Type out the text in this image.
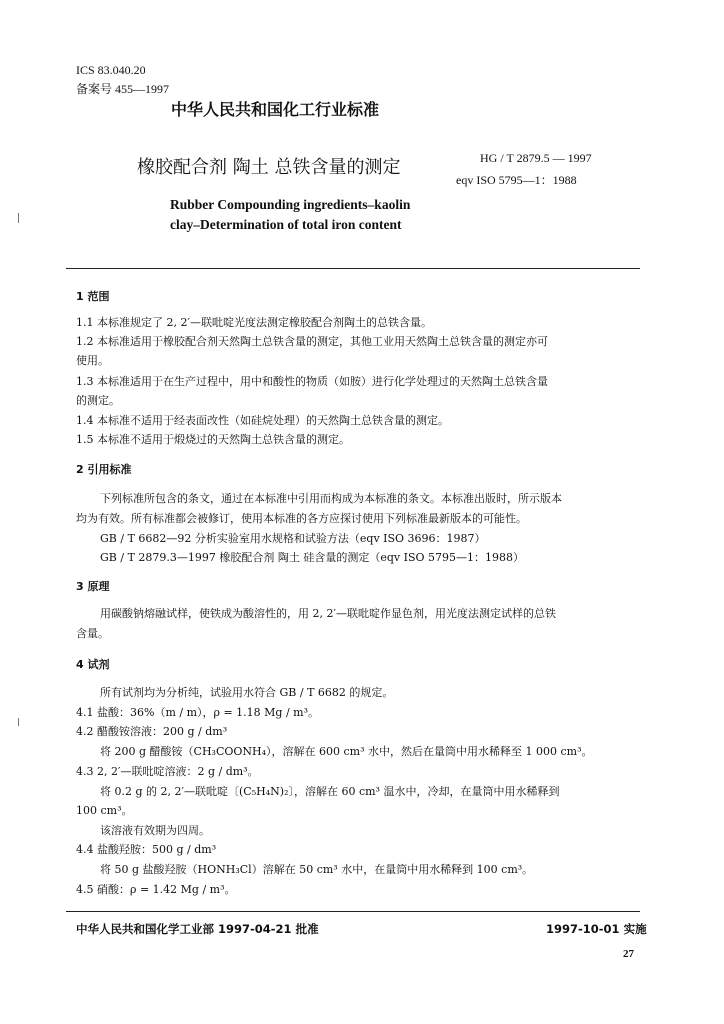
ICS 83.040.20
备案号 455—1997
中华人民共和国化工行业标准
橡胶配合剂 陶土 总铁含量的测定	HG / T 2879.5 — 1997
eqv ISO 5795—1：1988
Rubber Compounding ingredients–kaolin
clay–Determination of total iron content
1 范围
1.1 本标准规定了 2, 2′—联吡啶光度法测定橡胶配合剂陶土的总铁含量。
1.2 本标准适用于橡胶配合剂天然陶土总铁含量的测定，其他工业用天然陶土总铁含量的测定亦可
使用。
1.3 本标准适用于在生产过程中，用中和酸性的物质（如胺）进行化学处理过的天然陶土总铁含量
的测定。
1.4 本标准不适用于经表面改性（如硅烷处理）的天然陶土总铁含量的测定。
1.5 本标准不适用于煅烧过的天然陶土总铁含量的测定。
2 引用标准
下列标准所包含的条文，通过在本标准中引用而构成为本标准的条文。本标准出版时，所示版本
均为有效。所有标准都会被修订，使用本标准的各方应探讨使用下列标准最新版本的可能性。
GB / T 6682—92 分析实验室用水规格和试验方法（eqv ISO 3696：1987）
GB / T 2879.3—1997 橡胶配合剂 陶土 硅含量的测定（eqv ISO 5795—1：1988）
3 原理
用碳酸钠熔融试样，使铁成为酸溶性的，用 2, 2′—联吡啶作显色剂，用光度法测定试样的总铁
含量。
4 试剂
所有试剂均为分析纯，试验用水符合 GB / T 6682 的规定。
4.1 盐酸：36%（m / m），ρ = 1.18 Mg / m³。
4.2 醋酸铵溶液：200 g / dm³
将 200 g 醋酸铵（CH₃COONH₄），溶解在 600 cm³ 水中，然后在量筒中用水稀释至 1 000 cm³。
4.3 2, 2′—联吡啶溶液：2 g / dm³。
将 0.2 g 的 2, 2′—联吡啶〔(C₅H₄N)₂〕，溶解在 60 cm³ 温水中，冷却，在量筒中用水稀释到
100 cm³。
该溶液有效期为四周。
4.4 盐酸羟胺：500 g / dm³
将 50 g 盐酸羟胺（HONH₃Cl）溶解在 50 cm³ 水中，在量筒中用水稀释到 100 cm³。
4.5 硝酸：ρ = 1.42 Mg / m³。
中华人民共和国化学工业部 1997-04-21 批准	1997-10-01 实施
27
